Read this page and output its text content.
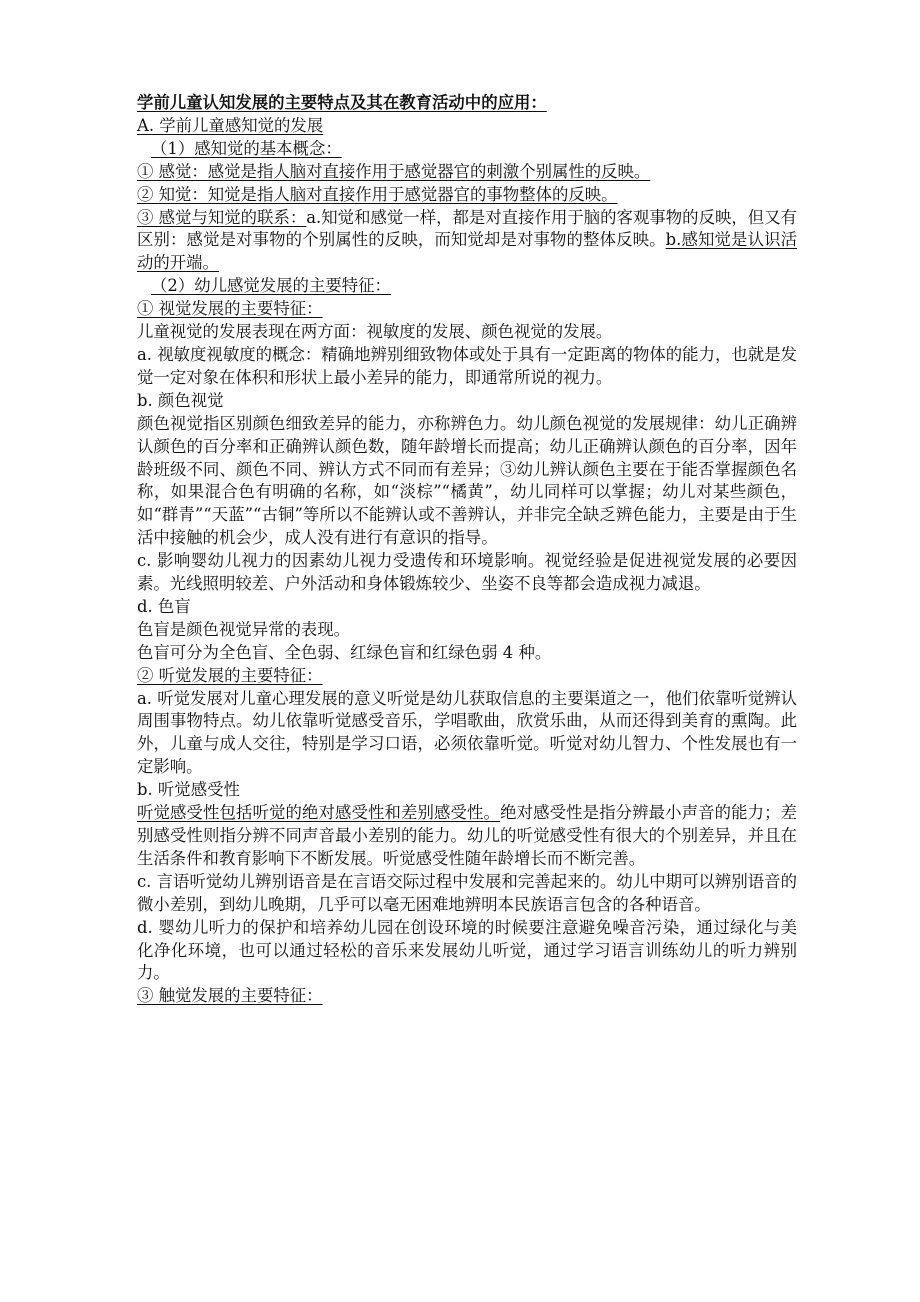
学前儿童认知发展的主要特点及其在教育活动中的应用：

A. 学前儿童感知觉的发展

（1）感知觉的基本概念：

① 感觉：感觉是指人脑对直接作用于感觉器官的刺激个别属性的反映。

② 知觉：知觉是指人脑对直接作用于感觉器官的事物整体的反映。

③ 感觉与知觉的联系：a.知觉和感觉一样，都是对直接作用于脑的客观事物的反映，但又有区别：感觉是对事物的个别属性的反映，而知觉却是对事物的整体反映。b.感知觉是认识活动的开端。

（2）幼儿感觉发展的主要特征：

① 视觉发展的主要特征：

儿童视觉的发展表现在两方面：视敏度的发展、颜色视觉的发展。

a. 视敏度视敏度的概念：精确地辨别细致物体或处于具有一定距离的物体的能力，也就是发觉一定对象在体积和形状上最小差异的能力，即通常所说的视力。

b. 颜色视觉

颜色视觉指区别颜色细致差异的能力，亦称辨色力。幼儿颜色视觉的发展规律：幼儿正确辨认颜色的百分率和正确辨认颜色数，随年龄增长而提高；幼儿正确辨认颜色的百分率，因年龄班级不同、颜色不同、辨认方式不同而有差异；③幼儿辨认颜色主要在于能否掌握颜色名称，如果混合色有明确的名称，如“淡棕”“橘黄”，幼儿同样可以掌握；幼儿对某些颜色，如“群青”“天蓝”“古铜”等所以不能辨认或不善辨认，并非完全缺乏辨色能力，主要是由于生活中接触的机会少，成人没有进行有意识的指导。

c. 影响婴幼儿视力的因素幼儿视力受遗传和环境影响。视觉经验是促进视觉发展的必要因素。光线照明较差、户外活动和身体锻炼较少、坐姿不良等都会造成视力减退。

d. 色盲

色盲是颜色视觉异常的表现。

色盲可分为全色盲、全色弱、红绿色盲和红绿色弱 4 种。

② 听觉发展的主要特征：

a. 听觉发展对儿童心理发展的意义听觉是幼儿获取信息的主要渠道之一，他们依靠听觉辨认周围事物特点。幼儿依靠听觉感受音乐，学唱歌曲，欣赏乐曲，从而还得到美育的熏陶。此外，儿童与成人交往，特别是学习口语，必须依靠听觉。听觉对幼儿智力、个性发展也有一定影响。

b. 听觉感受性

听觉感受性包括听觉的绝对感受性和差别感受性。绝对感受性是指分辨最小声音的能力；差别感受性则指分辨不同声音最小差别的能力。幼儿的听觉感受性有很大的个别差异，并且在生活条件和教育影响下不断发展。听觉感受性随年龄增长而不断完善。

c. 言语听觉幼儿辨别语音是在言语交际过程中发展和完善起来的。幼儿中期可以辨别语音的微小差别，到幼儿晚期，几乎可以毫无困难地辨明本民族语言包含的各种语音。

d. 婴幼儿听力的保护和培养幼儿园在创设环境的时候要注意避免噪音污染，通过绿化与美化净化环境，也可以通过轻松的音乐来发展幼儿听觉，通过学习语言训练幼儿的听力辨别力。

③ 触觉发展的主要特征：
